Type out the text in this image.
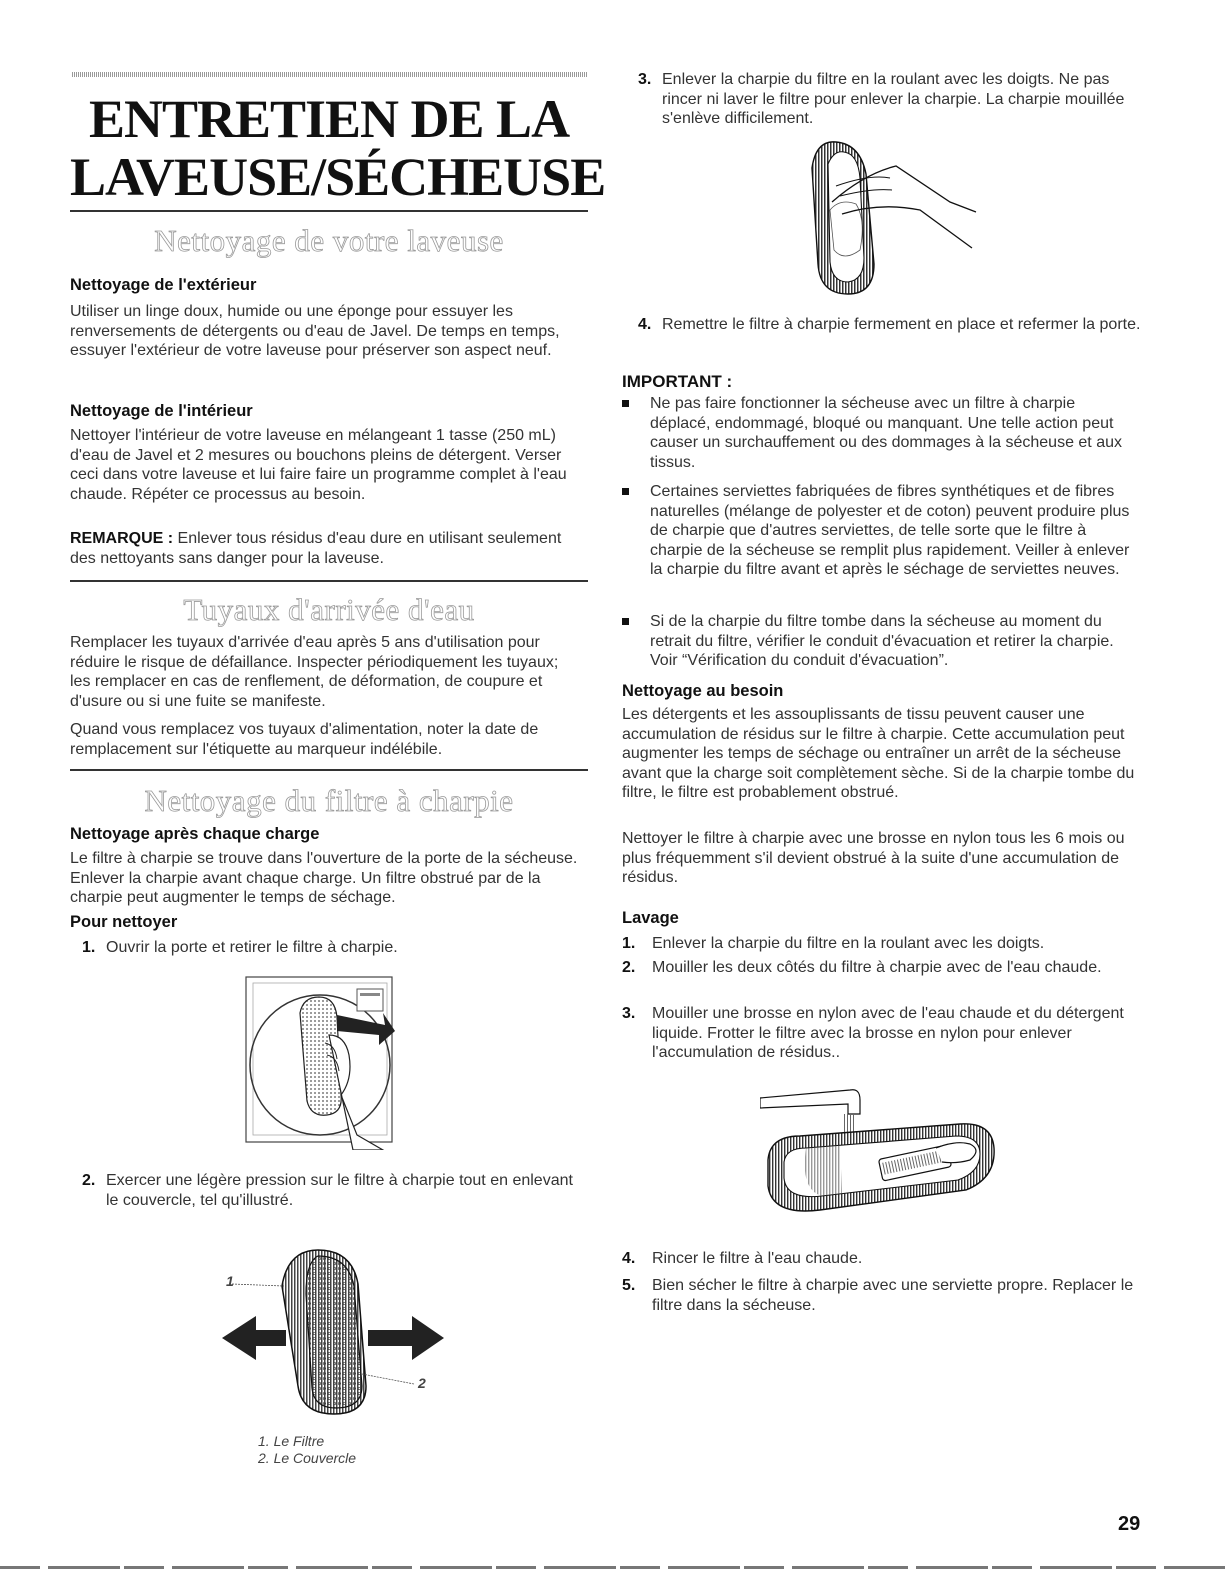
ENTRETIEN DE LA
LAVEUSE/SÉCHEUSE
Nettoyage de votre laveuse
Nettoyage de l'extérieur
Utiliser un linge doux, humide ou une éponge pour essuyer les renversements de détergents ou d'eau de Javel. De temps en temps, essuyer l'extérieur de votre laveuse pour préserver son aspect neuf.
Nettoyage de l'intérieur
Nettoyer l'intérieur de votre laveuse en mélangeant 1 tasse (250 mL) d'eau de Javel et 2 mesures ou bouchons pleins de détergent. Verser ceci dans votre laveuse et lui faire faire un programme complet à l'eau chaude. Répéter ce processus au besoin.
REMARQUE : Enlever tous résidus d'eau dure en utilisant seulement des nettoyants sans danger pour la laveuse.
Tuyaux d'arrivée d'eau
Remplacer les tuyaux d'arrivée d'eau après 5 ans d'utilisation pour réduire le risque de défaillance. Inspecter périodiquement les tuyaux; les remplacer en cas de renflement, de déformation, de coupure et d'usure ou si une fuite se manifeste.
Quand vous remplacez vos tuyaux d'alimentation, noter la date de remplacement sur l'étiquette au marqueur indélébile.
Nettoyage du filtre à charpie
Nettoyage après chaque charge
Le filtre à charpie se trouve dans l'ouverture de la porte de la sécheuse. Enlever la charpie avant chaque charge. Un filtre obstrué par de la charpie peut augmenter le temps de séchage.
Pour nettoyer
1. Ouvrir la porte et retirer le filtre à charpie.
2. Exercer une légère pression sur le filtre à charpie tout en enlevant le couvercle, tel qu'illustré.
1
2
1. Le Filtre
2. Le Couvercle
3. Enlever la charpie du filtre en la roulant avec les doigts. Ne pas rincer ni laver le filtre pour enlever la charpie. La charpie mouillée s'enlève difficilement.
4. Remettre le filtre à charpie fermement en place et refermer la porte.
IMPORTANT :
Ne pas faire fonctionner la sécheuse avec un filtre à charpie déplacé, endommagé, bloqué ou manquant. Une telle action peut causer un surchauffement ou des dommages à la sécheuse et aux tissus.
Certaines serviettes fabriquées de fibres synthétiques et de fibres naturelles (mélange de polyester et de coton) peuvent produire plus de charpie que d'autres serviettes, de telle sorte que le filtre à charpie de la sécheuse se remplit plus rapidement. Veiller à enlever la charpie du filtre avant et après le séchage de serviettes neuves.
Si de la charpie du filtre tombe dans la sécheuse au moment du retrait du filtre, vérifier le conduit d'évacuation et retirer la charpie. Voir “Vérification du conduit d'évacuation”.
Nettoyage au besoin
Les détergents et les assouplissants de tissu peuvent causer une accumulation de résidus sur le filtre à charpie. Cette accumulation peut augmenter les temps de séchage ou entraîner un arrêt de la sécheuse avant que la charge soit complètement sèche. Si de la charpie tombe du filtre, le filtre est probablement obstrué.
Nettoyer le filtre à charpie avec une brosse en nylon tous les 6 mois ou plus fréquemment s'il devient obstrué à la suite d'une accumulation de résidus.
Lavage
1.	Enlever la charpie du filtre en la roulant avec les doigts.
2.	Mouiller les deux côtés du filtre à charpie avec de l'eau chaude.
3.	Mouiller une brosse en nylon avec de l'eau chaude et du détergent liquide. Frotter le filtre avec la brosse en nylon pour enlever l'accumulation de résidus..
4.	Rincer le filtre à l'eau chaude.
5.	Bien sécher le filtre à charpie avec une serviette propre. Replacer le filtre dans la sécheuse.
29
